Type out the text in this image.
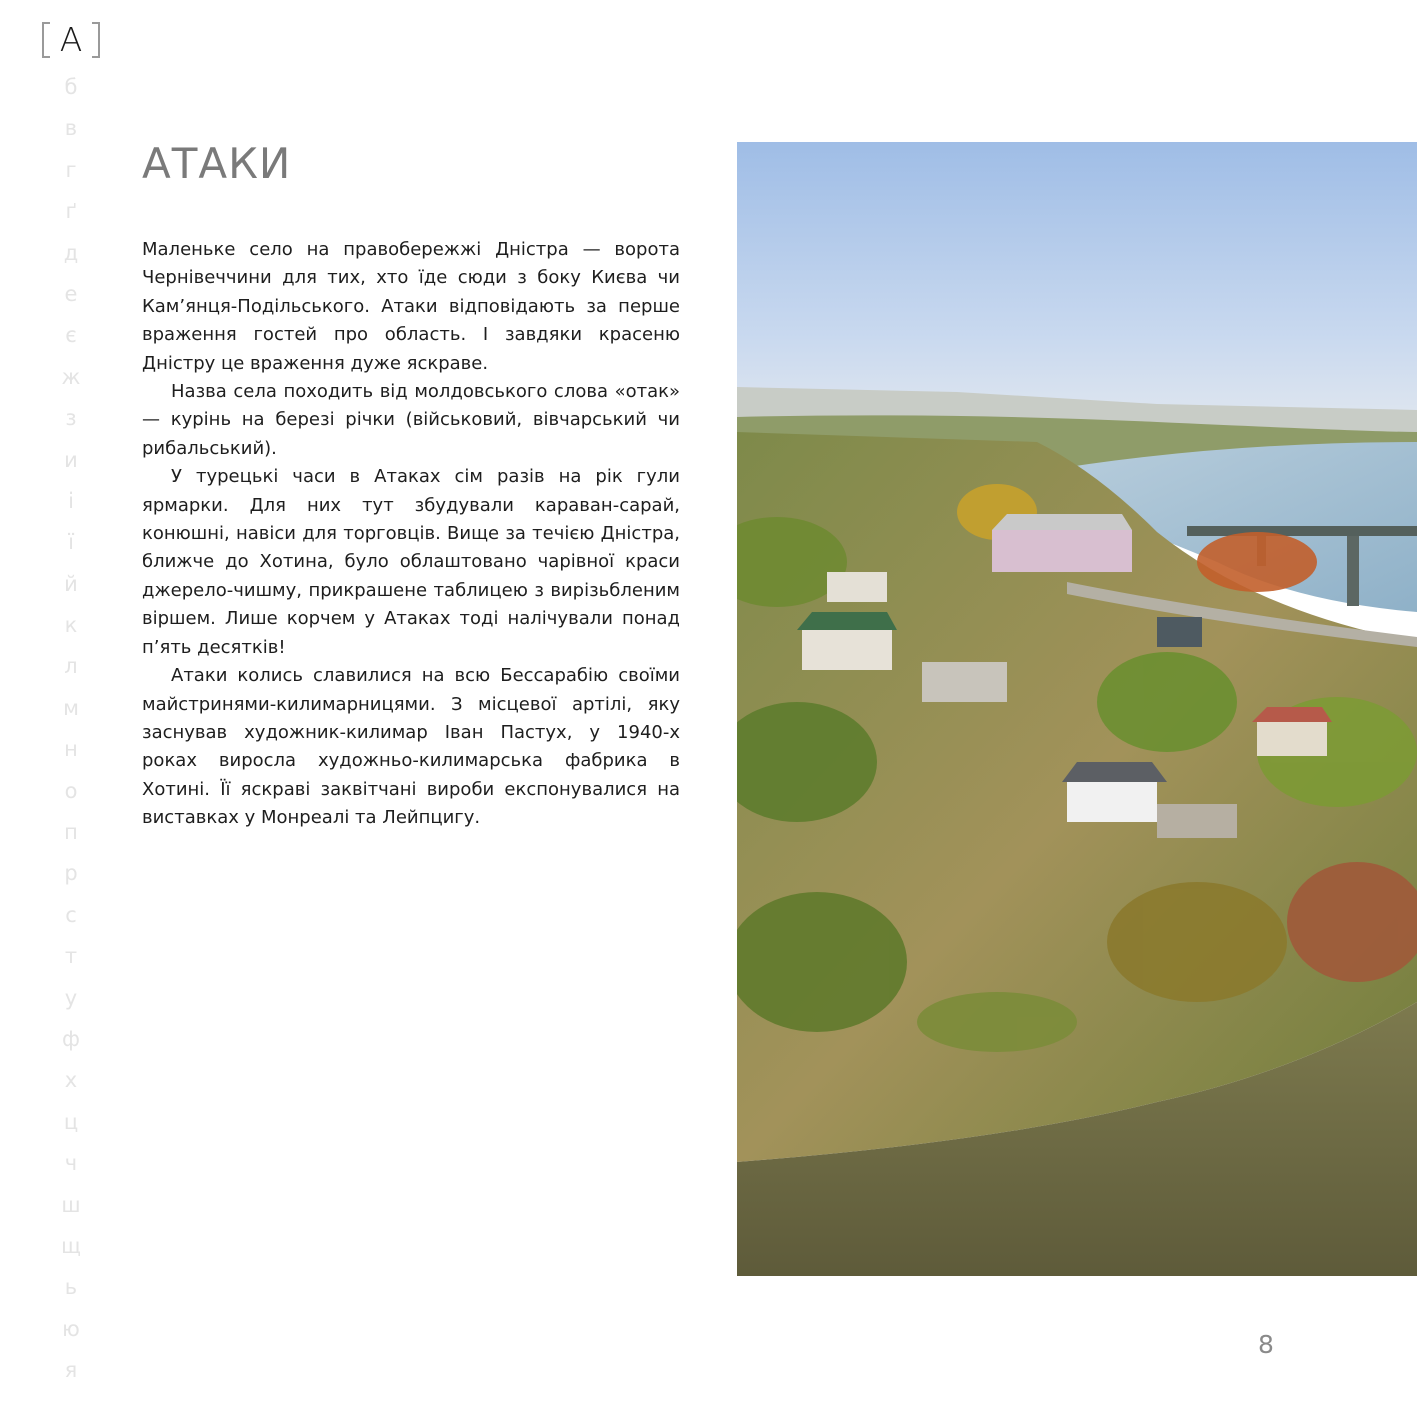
A
б
в
г
ґ
д
е
є
ж
з
и
і
ї
й
к
л
м
н
о
п
р
с
т
у
ф
х
ц
ч
ш
щ
ь
ю
я
АТАКИ

Маленьке село на правобережжі Дністра — ворота Чернівеччини для тих, хто їде сюди з боку Києва чи Кам’янця-Подільського. Атаки відповідають за перше враження гостей про область. І завдяки красеню Дністру це враження дуже яскраве.

Назва села походить від молдовського слова «отак» — курінь на березі річки (військовий, вівчарський чи рибальський).

У турецькі часи в Атаках сім разів на рік гули ярмарки. Для них тут збудували караван-сарай, конюшні, навіси для торговців. Вище за течією Дністра, ближче до Хотина, було облаштовано чарівної краси джерело-чишму, прикрашене таблицею з вирізьбленим віршем. Лише корчем у Атаках тоді налічували понад п’ять десятків!

Атаки колись славилися на всю Бессарабію своїми майстринями-килимарницями. З місцевої артілі, яку заснував художник-килимар Іван Пастух, у 1940-х роках виросла художньо-килимарська фабрика в Хотині. Її яскраві заквітчані вироби експонувалися на виставках у Монреалі та Лейпцигу.

8
